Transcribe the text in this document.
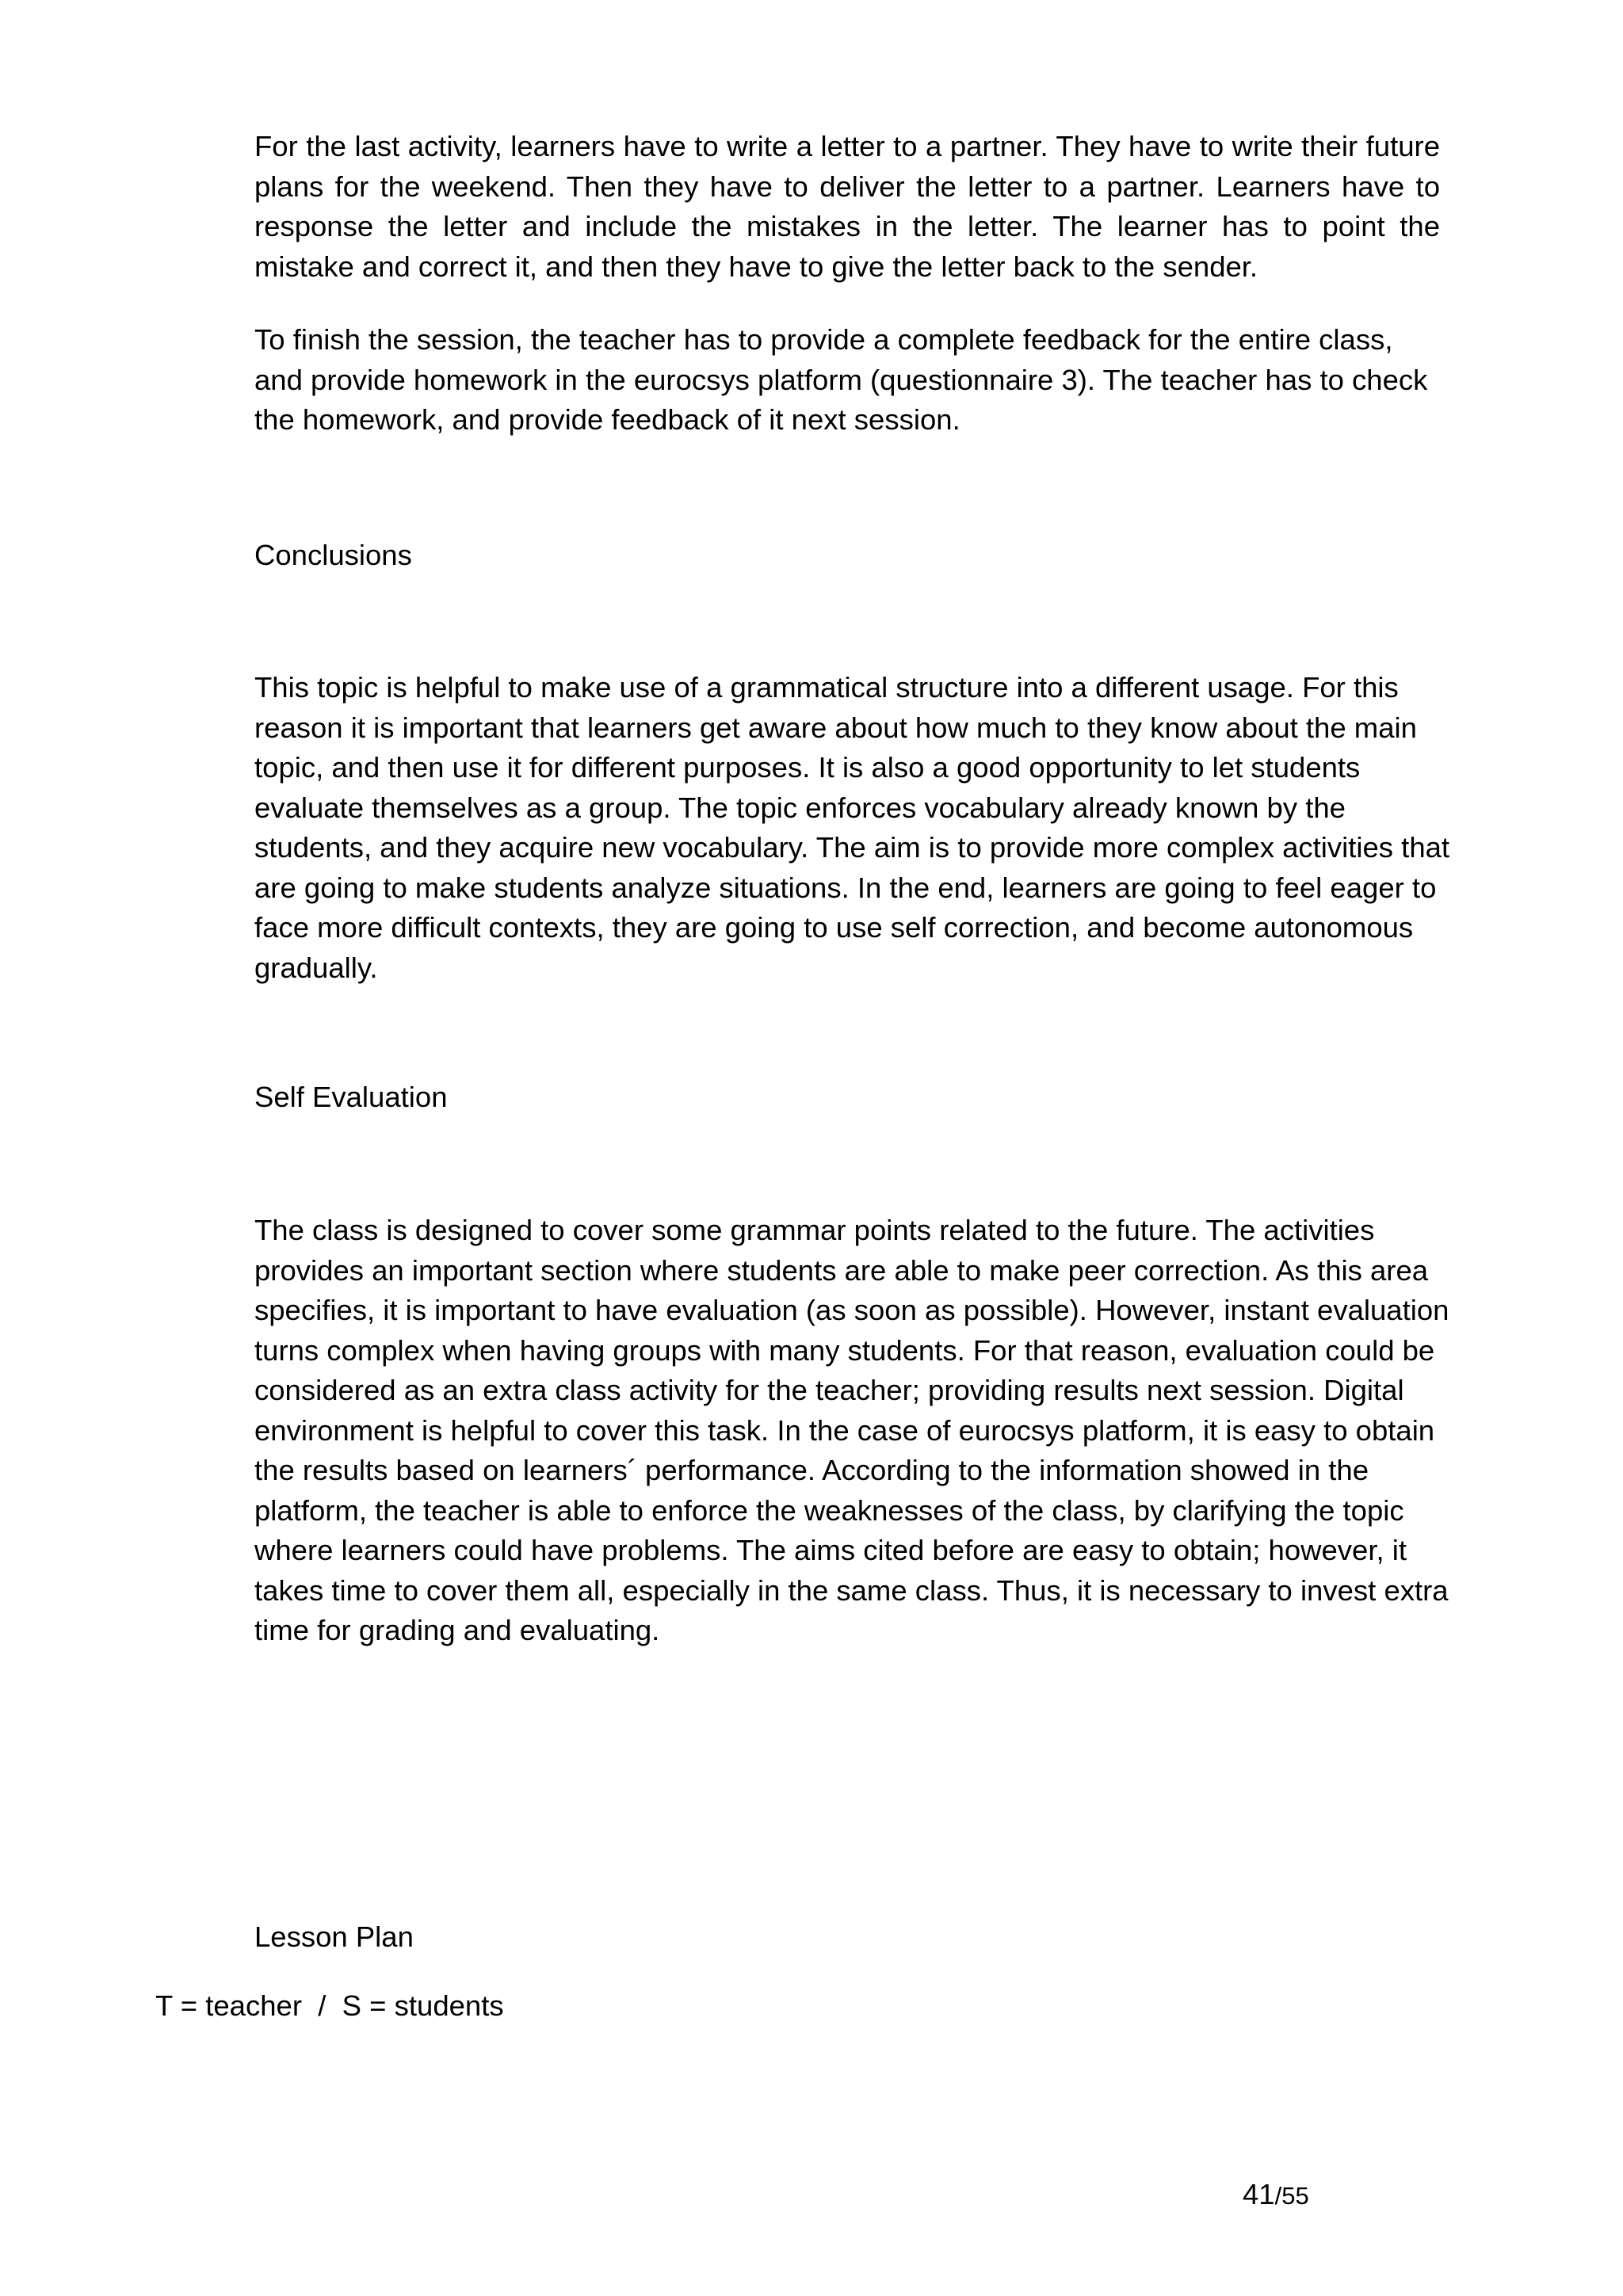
For the last activity, learners have to write a letter to a partner. They have to write their future plans for the weekend. Then they have to deliver the letter to a partner. Learners have to response the letter and include the mistakes in the letter. The learner has to point the mistake and correct it, and then they have to give the letter back to the sender.

To finish the session, the teacher has to provide a complete feedback for the entire class, and provide homework in the eurocsys platform (questionnaire 3). The teacher has to check the homework, and provide feedback of it next session.

Conclusions

This topic is helpful to make use of a grammatical structure into a different usage. For this reason it is important that learners get aware about how much to they know about the main topic, and then use it for different purposes. It is also a good opportunity to let students evaluate themselves as a group. The topic enforces vocabulary already known by the students, and they acquire new vocabulary. The aim is to provide more complex activities that are going to make students analyze situations. In the end, learners are going to feel eager to face more difficult contexts, they are going to use self correction, and become autonomous gradually.

Self Evaluation

The class is designed to cover some grammar points related to the future. The activities provides an important section where students are able to make peer correction. As this area specifies, it is important to have evaluation (as soon as possible). However, instant evaluation turns complex when having groups with many students. For that reason, evaluation could be considered as an extra class activity for the teacher; providing results next session. Digital environment is helpful to cover this task. In the case of eurocsys platform, it is easy to obtain the results based on learners´ performance. According to the information showed in the platform, the teacher is able to enforce the weaknesses of the class, by clarifying the topic where learners could have problems. The aims cited before are easy to obtain; however, it takes time to cover them all, especially in the same class. Thus, it is necessary to invest extra time for grading and evaluating.

Lesson Plan
T = teacher  /  S = students
41/55
